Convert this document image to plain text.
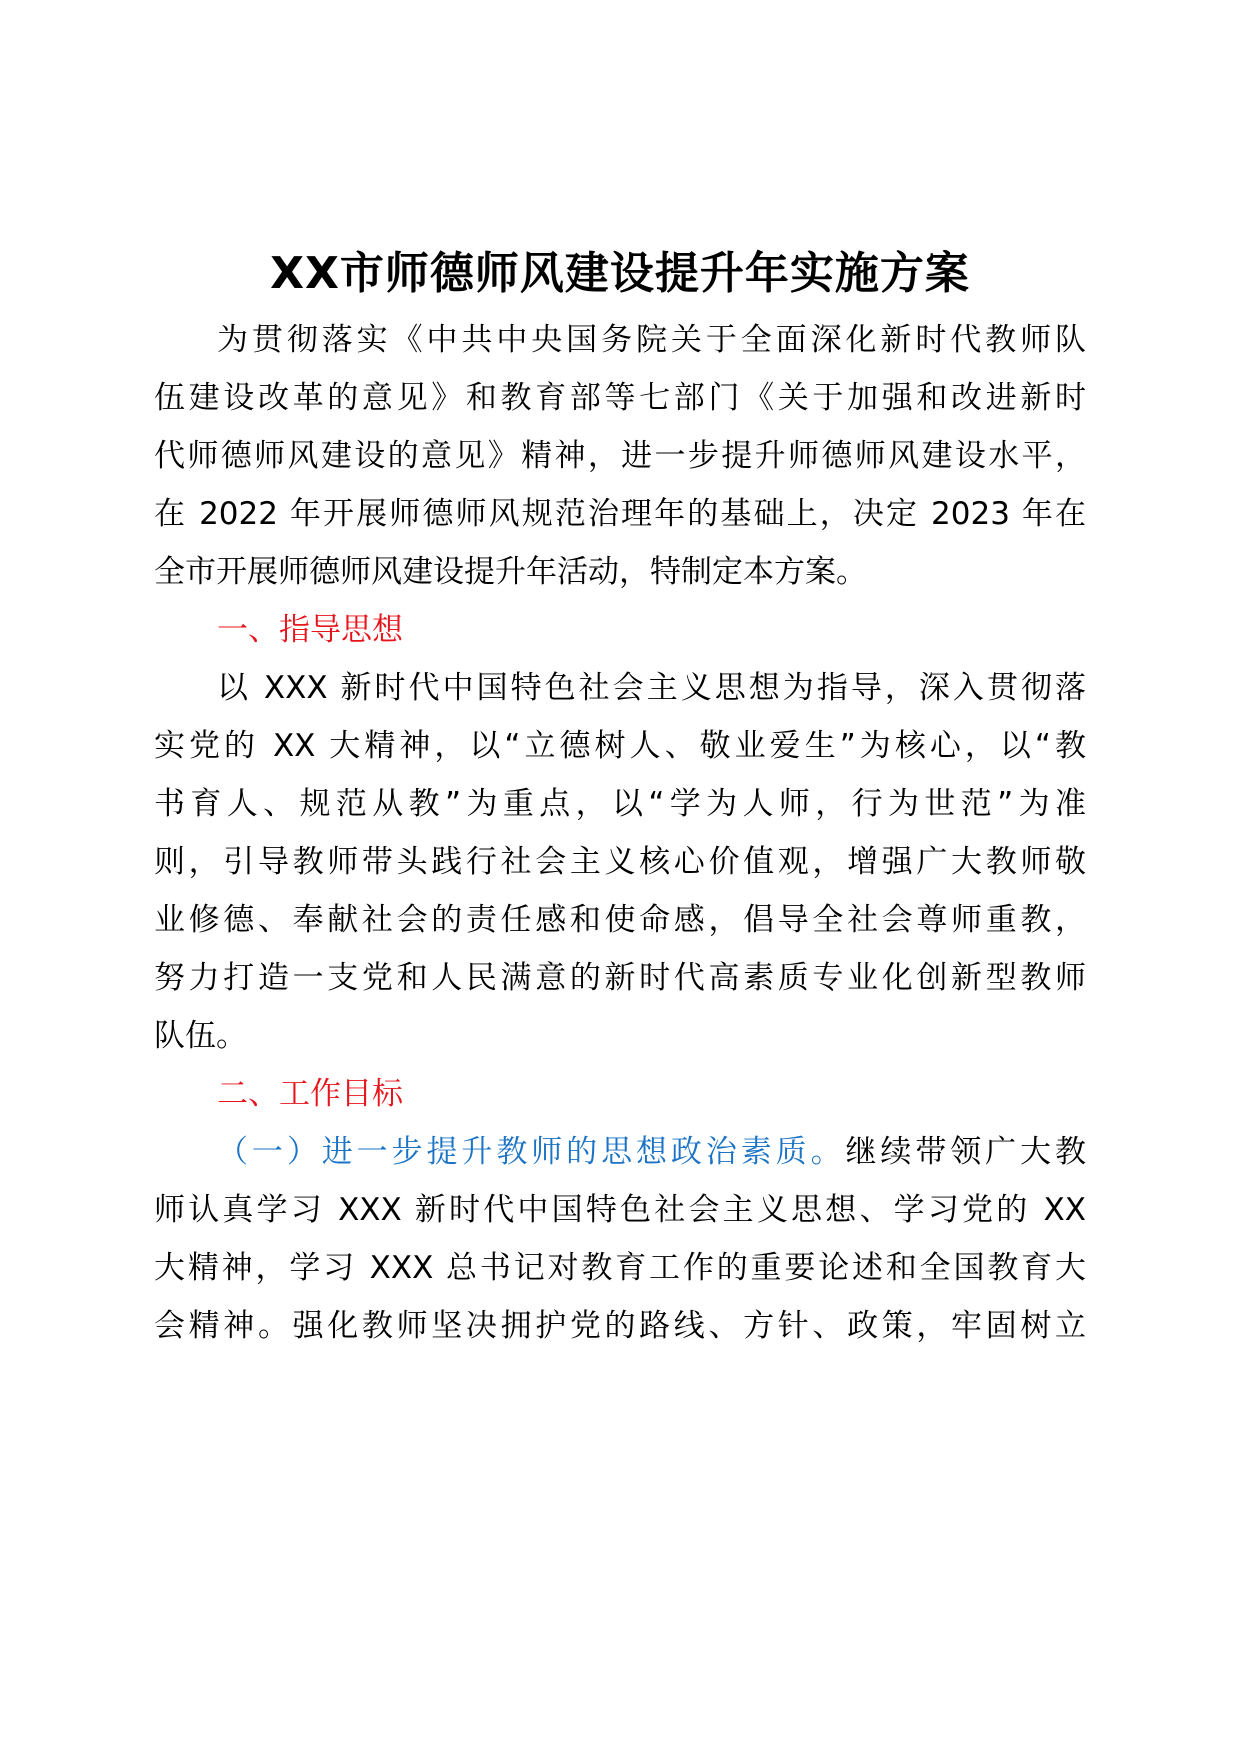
XX市师德师风建设提升年实施方案
为贯彻落实《中共中央国务院关于全面深化新时代教师队
伍建设改革的意见》和教育部等七部门《关于加强和改进新时
代师德师风建设的意见》精神，进一步提升师德师风建设水平，
在 2022 年开展师德师风规范治理年的基础上，决定 2023 年在
全市开展师德师风建设提升年活动，特制定本方案。
一、指导思想
以 XXX 新时代中国特色社会主义思想为指导，深入贯彻落
实党的 XX 大精神，以“立德树人、敬业爱生”为核心，以“教
书育人、规范从教”为重点，以“学为人师，行为世范”为准
则，引导教师带头践行社会主义核心价值观，增强广大教师敬
业修德、奉献社会的责任感和使命感，倡导全社会尊师重教，
努力打造一支党和人民满意的新时代高素质专业化创新型教师
队伍。
二、工作目标
（一）进一步提升教师的思想政治素质。继续带领广大教
师认真学习 XXX 新时代中国特色社会主义思想、学习党的 XX
大精神，学习 XXX 总书记对教育工作的重要论述和全国教育大
会精神。强化教师坚决拥护党的路线、方针、政策，牢固树立
